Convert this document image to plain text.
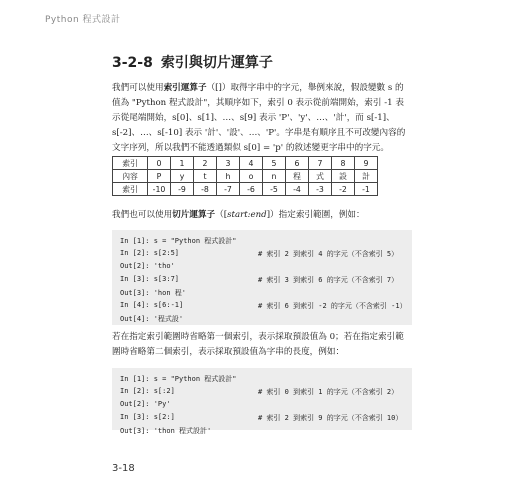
Python 程式設計
3-2-8 索引與切片運算子
我們可以使用索引運算子（[]）取得字串中的字元，舉例來說，假設變數 s 的值為 "Python 程式設計"，其順序如下，索引 0 表示從前端開始，索引 -1 表示從尾端開始，s[0]、s[1]、…、s[9] 表示 'P'、'y'、…、'計'，而 s[-1]、s[-2]、…、s[-10] 表示 '計'、'設'、…、'P'。字串是有順序且不可改變內容的文字序列，所以我們不能透過類似 s[0] = 'p' 的敘述變更字串中的字元。
索引	0	1	2	3	4	5	6	7	8	9
內容	P	y	t	h	o	n	程	式	設	計
索引	-10	-9	-8	-7	-6	-5	-4	-3	-2	-1
我們也可以使用切片運算子（[start:end]）指定索引範圍，例如：
In [1]: s = "Python 程式設計"
In [2]: s[2:5]	# 索引 2 到索引 4 的字元（不含索引 5）
Out[2]: 'tho'
In [3]: s[3:7]	# 索引 3 到索引 6 的字元（不含索引 7）
Out[3]: 'hon 程'
In [4]: s[6:-1]	# 索引 6 到索引 -2 的字元（不含索引 -1）
Out[4]: '程式設'
若在指定索引範圍時省略第一個索引，表示採取預設值為 0；若在指定索引範圍時省略第二個索引，表示採取預設值為字串的長度，例如：
In [1]: s = "Python 程式設計"
In [2]: s[:2]	# 索引 0 到索引 1 的字元（不含索引 2）
Out[2]: 'Py'
In [3]: s[2:]	# 索引 2 到索引 9 的字元（不含索引 10）
Out[3]: 'thon 程式設計'
3-18
